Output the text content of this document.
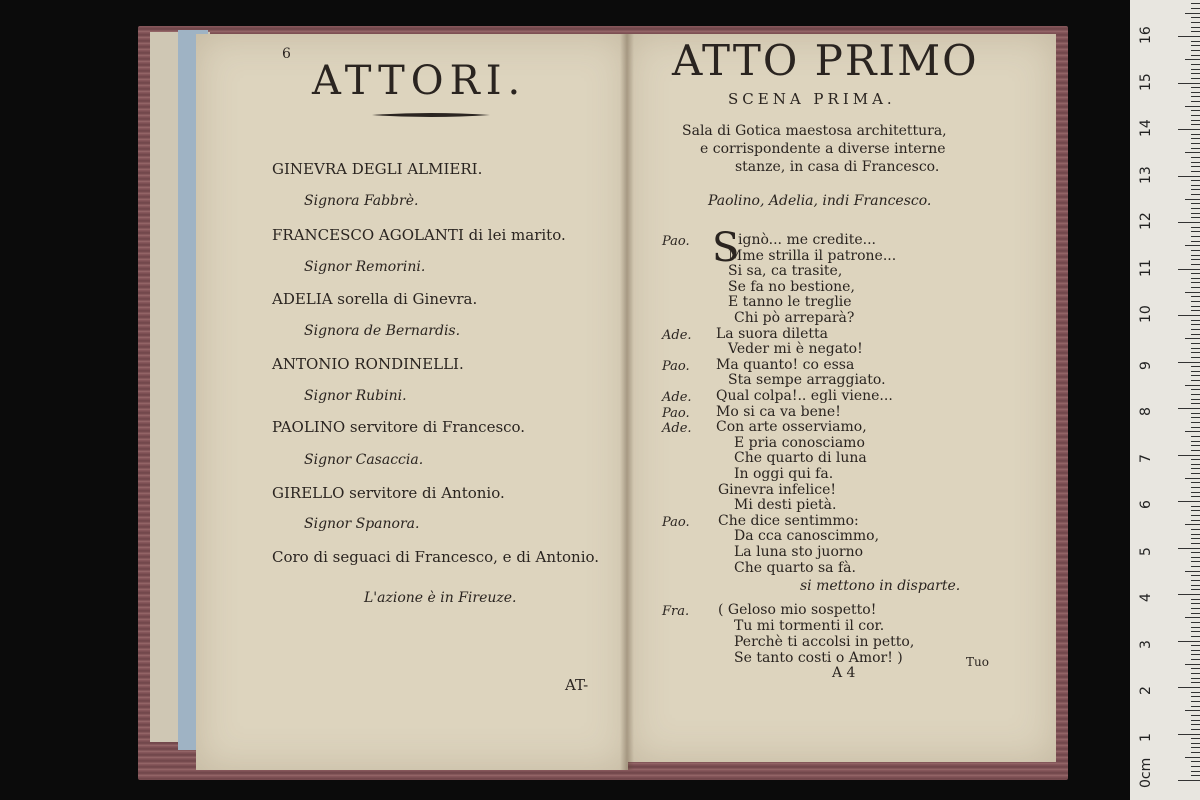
6
ATTORI.
GINEVRA DEGLI ALMIERI.
Signora Fabbrè.
FRANCESCO AGOLANTI di lei marito.
Signor Remorini.
ADELIA sorella di Ginevra.
Signora de Bernardis.
ANTONIO RONDINELLI.
Signor Rubini.
PAOLINO servitore di Francesco.
Signor Casaccia.
GIRELLO servitore di Antonio.
Signor Spanora.
Coro di seguaci di Francesco, e di Antonio.
L'azione è in Fireuze.
AT-
ATTO PRIMO
SCENA PRIMA.
Sala di Gotica maestosa architettura,
e corrispondente a diverse interne
stanze, in casa di Francesco.
Paolino, Adelia, indi Francesco.
S
Pao.	ignò... me credite...
Mme strilla il patrone...
Si sa, ca trasite,
Se fa no bestione,
E tanno le treglie
Chi pò arreparà?
Ade. La suora diletta
Veder mi è negato!
Pao. Ma quanto! co essa
Sta sempe arraggiato.
Ade. Qual colpa!.. egli viene...
Pao. Mo si ca va bene!
Ade. Con arte osserviamo,
E pria conosciamo
Che quarto di luna
In oggi qui fa.
Ginevra infelice!
Mi desti pietà.
Pao. Che dice sentimmo:
Da cca canoscimmo,
La luna sto juorno
Che quarto sa fà.
si mettono in disparte.
Fra. ( Geloso mio sospetto!
Tu mi tormenti il cor.
Perchè ti accolsi in petto,
Se tanto costi o Amor! )
A 4
Tuo
0cm
1
2
3
4
5
6
7
8
9
10
11
12
13
14
15
16
